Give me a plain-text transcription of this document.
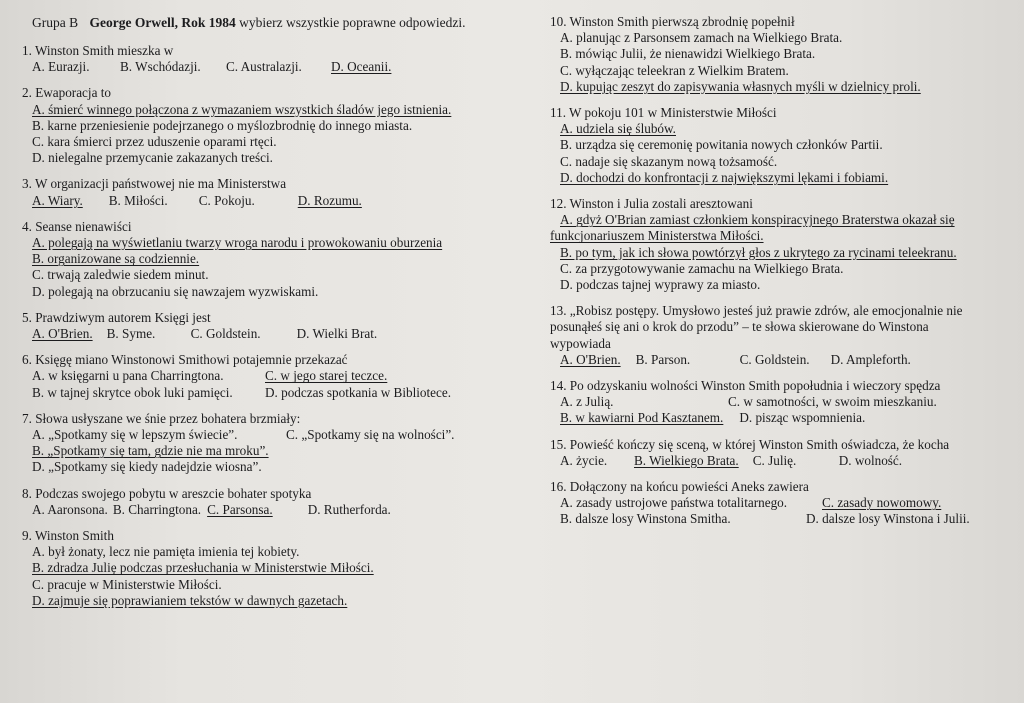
Grupa B George Orwell, Rok 1984 wybierz wszystkie poprawne odpowiedzi.

1. Winston Smith mieszka w

A. Eurazji.	B. Wschódazji.	C. Australazji.	D. Oceanii.

2. Ewaporacja to

A. śmierć winnego połączona z wymazaniem wszystkich śladów jego istnienia.
B. karne przeniesienie podejrzanego o myślozbrodnię do innego miasta.
C. kara śmierci przez uduszenie oparami rtęci.
D. nielegalne przemycanie zakazanych treści.

3. W organizacji państwowej nie ma Ministerstwa

A. Wiary. B. Miłości.	C. Pokoju.	D. Rozumu.

4. Seanse nienawiści

A. polegają na wyświetlaniu twarzy wroga narodu i prowokowaniu oburzenia
B. organizowane są codziennie.
C. trwają zaledwie siedem minut.
D. polegają na obrzucaniu się nawzajem wyzwiskami.

5. Prawdziwym autorem Księgi jest

A. O'Brien. B. Syme.	C. Goldstein.	D. Wielki Brat.

6. Księgę miano Winstonowi Smithowi potajemnie przekazać

A. w księgarni u pana Charringtona.	C. w jego starej teczce.
B. w tajnej skrytce obok luki pamięci.	D. podczas spotkania w Bibliotece.

7. Słowa usłyszane we śnie przez bohatera brzmiały:

A. „Spotkamy się w lepszym świecie”.	C. „Spotkamy się na wolności”.
B. „Spotkamy się tam, gdzie nie ma mroku”.
D. „Spotkamy się kiedy nadejdzie wiosna”.

8. Podczas swojego pobytu w areszcie bohater spotyka

A. Aaronsona. B. Charringtona. C. Parsonsa.	D. Rutherforda.

9. Winston Smith

A. był żonaty, lecz nie pamięta imienia tej kobiety.
B. zdradza Julię podczas przesłuchania w Ministerstwie Miłości.
C. pracuje w Ministerstwie Miłości.
D. zajmuje się poprawianiem tekstów w dawnych gazetach.

10. Winston Smith pierwszą zbrodnię popełnił

A. planując z Parsonsem zamach na Wielkiego Brata.
B. mówiąc Julii, że nienawidzi Wielkiego Brata.
C. wyłączając teleekran z Wielkim Bratem.
D. kupując zeszyt do zapisywania własnych myśli w dzielnicy proli.

11. W pokoju 101 w Ministerstwie Miłości

A. udziela się ślubów.
B. urządza się ceremonię powitania nowych członków Partii.
C. nadaje się skazanym nową tożsamość.
D. dochodzi do konfrontacji z największymi lękami i fobiami.

12. Winston i Julia zostali aresztowani

A. gdyż O'Brian zamiast członkiem konspiracyjnego Braterstwa okazał się
funkcjonariuszem Ministerstwa Miłości.
B. po tym, jak ich słowa powtórzył głos z ukrytego za rycinami teleekranu.
C. za przygotowywanie zamachu na Wielkiego Brata.
D. podczas tajnej wyprawy za miasto.

13. „Robisz postępy. Umysłowo jesteś już prawie zdrów, ale emocjonalnie nie

posunąłeś się ani o krok do przodu” – te słowa skierowane do Winstona

wypowiada

A. O'Brien. B. Parson.	C. Goldstein.	D. Ampleforth.

14. Po odzyskaniu wolności Winston Smith popołudnia i wieczory spędza

A. z Julią.	C. w samotności, w swoim mieszkaniu.
B. w kawiarni Pod Kasztanem. D. pisząc wspomnienia.

15. Powieść kończy się sceną, w której Winston Smith oświadcza, że kocha

A. życie.	B. Wielkiego Brata. C. Julię.	D. wolność.

16. Dołączony na końcu powieści Aneks zawiera

A. zasady ustrojowe państwa totalitarnego.	C. zasady nowomowy.
B. dalsze losy Winstona Smitha.	D. dalsze losy Winstona i Julii.
